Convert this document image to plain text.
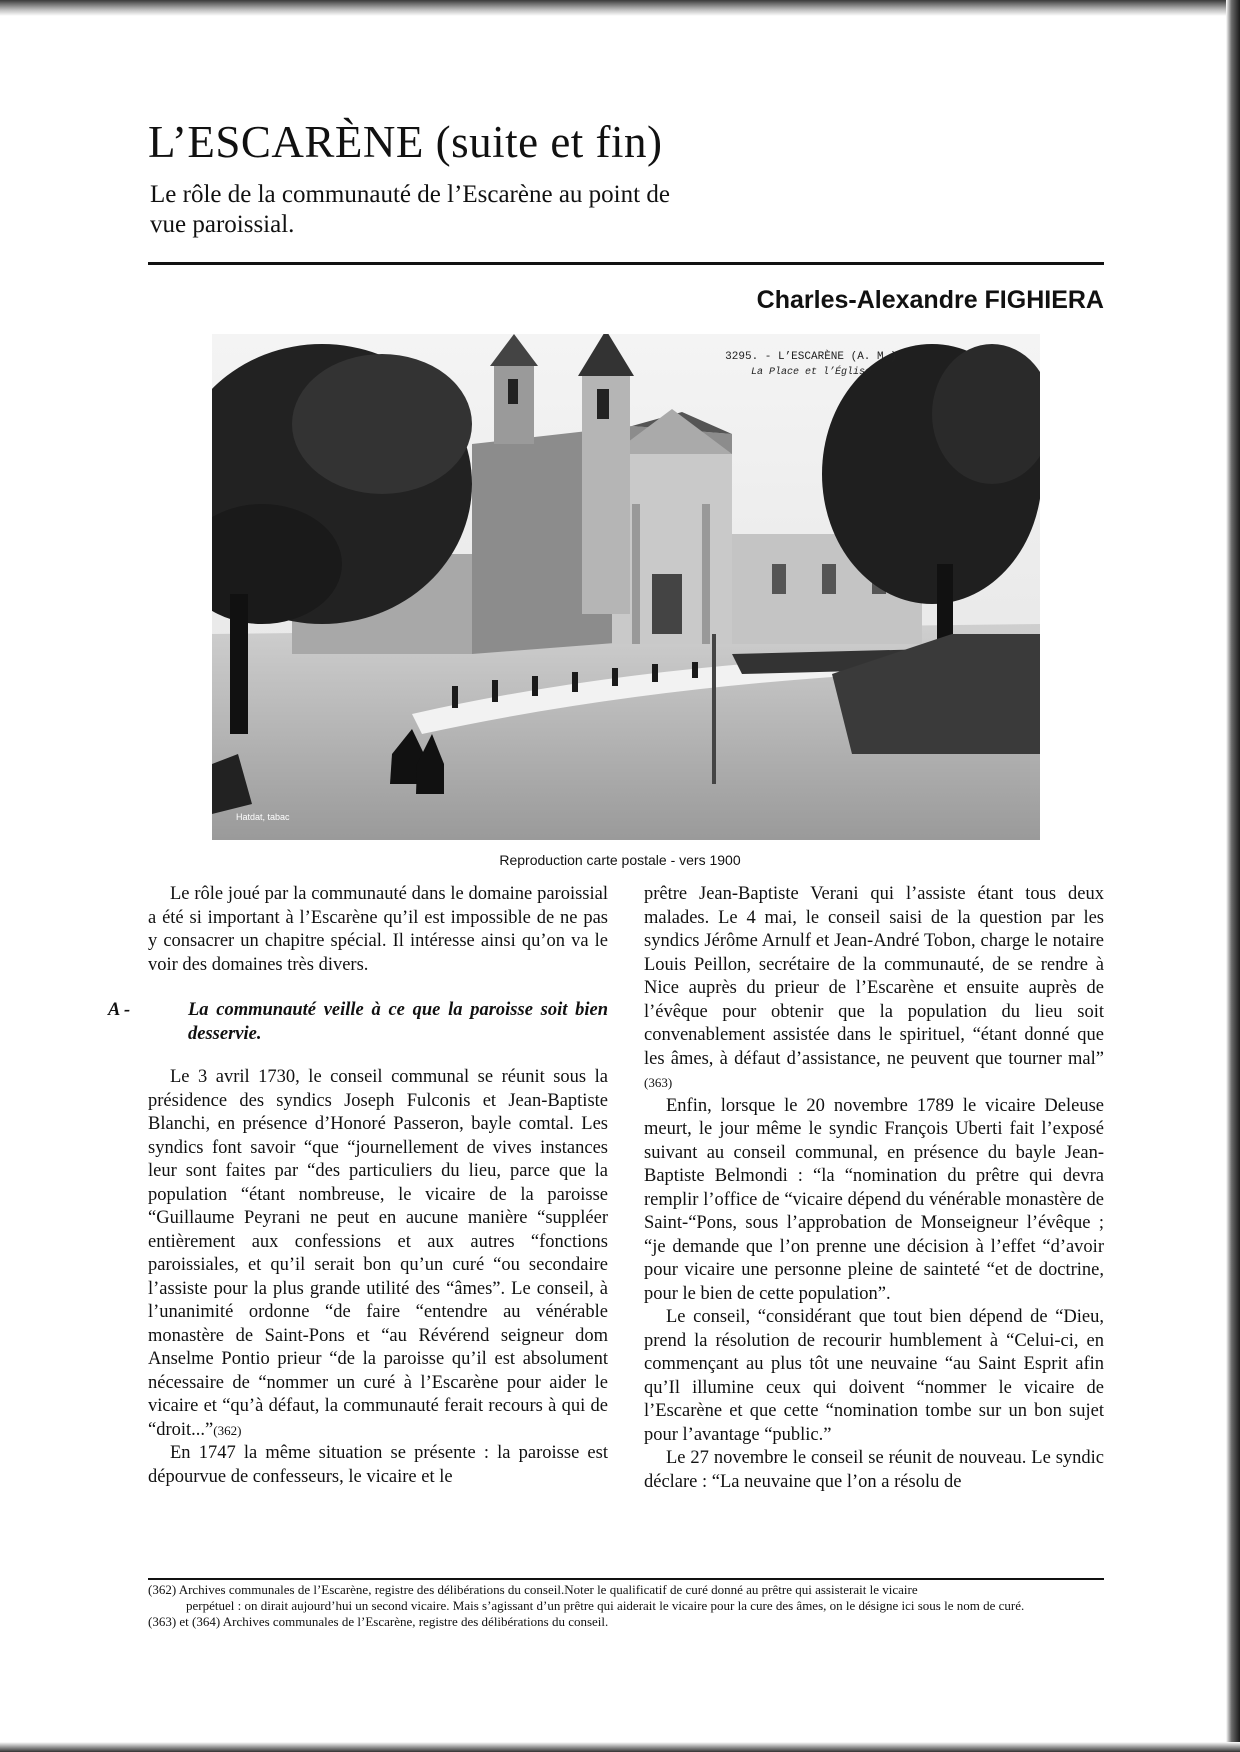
L’ESCARÈNE (suite et fin)

Le rôle de la communauté de l’Escarène au point de vue paroissial.

Charles-Alexandre FIGHIERA

3295. - L’ESCARÈNE (A. M.)
La Place et l’Église
Hatdat, tabac
Reproduction carte postale - vers 1900

Le rôle joué par la communauté dans le domaine paroissial a été si important à l’Escarène qu’il est impossible de ne pas y consacrer un chapitre spécial. Il intéresse ainsi qu’on va le voir des domaines très divers.

A -	La communauté veille à ce que la paroisse soit bien desservie.

Le 3 avril 1730, le conseil communal se réunit sous la présidence des syndics Joseph Fulconis et Jean-Baptiste Blanchi, en présence d’Honoré Passeron, bayle comtal. Les syndics font savoir “que “journellement de vives instances leur sont faites par “des particuliers du lieu, parce que la population “étant nombreuse, le vicaire de la paroisse “Guillaume Peyrani ne peut en aucune manière “suppléer entièrement aux confessions et aux autres “fonctions paroissiales, et qu’il serait bon qu’un curé “ou secondaire l’assiste pour la plus grande utilité des “âmes”. Le conseil, à l’unanimité ordonne “de faire “entendre au vénérable monastère de Saint-Pons et “au Révérend seigneur dom Anselme Pontio prieur “de la paroisse qu’il est absolument nécessaire de “nommer un curé à l’Escarène pour aider le vicaire et “qu’à défaut, la communauté ferait recours à qui de “droit...”(362)

En 1747 la même situation se présente : la paroisse est dépourvue de confesseurs, le vicaire et le

prêtre Jean-Baptiste Verani qui l’assiste étant tous deux malades. Le 4 mai, le conseil saisi de la question par les syndics Jérôme Arnulf et Jean-André Tobon, charge le notaire Louis Peillon, secrétaire de la communauté, de se rendre à Nice auprès du prieur de l’Escarène et ensuite auprès de l’évêque pour obtenir que la population du lieu soit convenablement assistée dans le spirituel, “étant donné que les âmes, à défaut d’assistance, ne peuvent que tourner mal” (363)

Enfin, lorsque le 20 novembre 1789 le vicaire Deleuse meurt, le jour même le syndic François Uberti fait l’exposé suivant au conseil communal, en présence du bayle Jean-Baptiste Belmondi : “la “nomination du prêtre qui devra remplir l’office de “vicaire dépend du vénérable monastère de Saint-“Pons, sous l’approbation de Monseigneur l’évêque ; “je demande que l’on prenne une décision à l’effet “d’avoir pour vicaire une personne pleine de sainteté “et de doctrine, pour le bien de cette population”.

Le conseil, “considérant que tout bien dépend de “Dieu, prend la résolution de recourir humblement à “Celui-ci, en commençant au plus tôt une neuvaine “au Saint Esprit afin qu’Il illumine ceux qui doivent “nommer le vicaire de l’Escarène et que cette “nomination tombe sur un bon sujet pour l’avantage “public.”

Le 27 novembre le conseil se réunit de nouveau. Le syndic déclare : “La neuvaine que l’on a résolu de

(362) Archives communales de l’Escarène, registre des délibérations du conseil.Noter le qualificatif de curé donné au prêtre qui assisterait le vicaire

perpétuel : on dirait aujourd’hui un second vicaire. Mais s’agissant d’un prêtre qui aiderait le vicaire pour la cure des âmes, on le désigne ici sous le nom de curé.

(363) et (364) Archives communales de l’Escarène, registre des délibérations du conseil.
